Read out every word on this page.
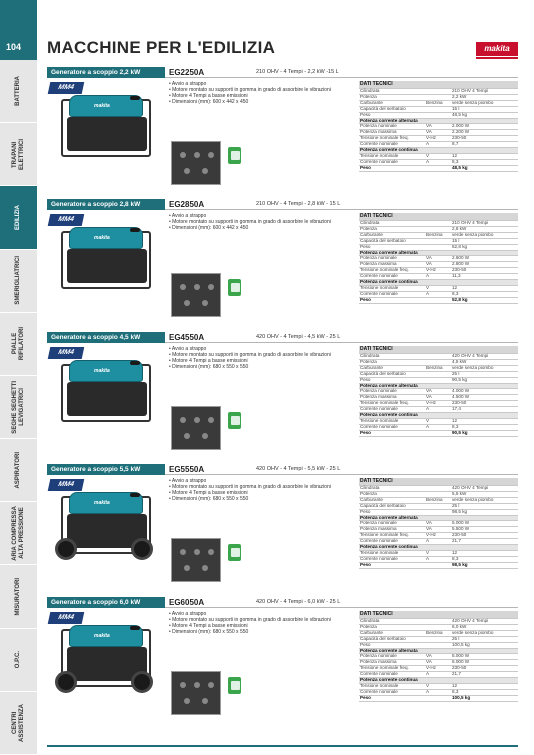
104	MACCHINE PER L'EDILIZIA	makita
BATTERIA
TRAPANI
ELETTRICI
EDILIZIA
SMERIGLIATRICI
PIALLE
RIFILATORI
SEGHE SEGHETTI
LEVIGATRICI
ASPIRATORI
ARIA COMPRESSA
ALTA PRESSIONE
MISURATORI
O.P.C.
CENTRI
ASSISTENZA
Generatore a scoppio 2,2 kW	EG2250A	210 OHV - 4 Tempi - 2,2 kW -15 L
MM4
makita
• Avvio a strappo
• Motore montato su supporti in gomma in grado di assorbire le vibrazioni
• Motore 4 Tempi a basse emissioni
• Dimensioni (mm): 600 x 442 x 450
DATI TECNICI		
Cilindrata		210 OHV 4 Tempi
Potenza		2,2 kW
Carburante	Benzina	verde senza piombo
Capacità del serbatoio		15 l
Peso		48,5 kg
Potenza corrente alternata		
Potenza nominale	VA	2.000 W
Potenza massima	VA	2.200 W
Tensione nominale freq.	V-Hz	230-50
Corrente nominale	A	8,7
Potenza corrente continua		
Tensione nominale	V	12
Corrente nominale	A	8,3
Peso		48,5 kg
Generatore a scoppio 2,8 kW	EG2850A	210 OHV - 4 Tempi - 2,8 kW - 15 L
MM4
makita
• Avvio a strappo
• Motore montato su supporti in gomma in grado di assorbire le vibrazioni
• Dimensioni (mm): 600 x 442 x 450
DATI TECNICI		
Cilindrata		210 OHV 4 Tempi
Potenza		2,8 kW
Carburante	Benzina	verde senza piombo
Capacità del serbatoio		15 l
Peso		52,8 kg
Potenza corrente alternata		
Potenza nominale	VA	2.600 W
Potenza massima	VA	2.800 W
Tensione nominale freq.	V-Hz	230-50
Corrente nominale	A	11,3
Potenza corrente continua		
Tensione nominale	V	12
Corrente nominale	A	8,3
Peso		52,8 kg
Generatore a scoppio 4,5 kW	EG4550A	420 OHV - 4 Tempi - 4,5 kW - 25 L
MM4
makita
• Avvio a strappo
• Motore montato su supporti in gomma in grado di assorbire le vibrazioni
• Motore 4 Tempi a basse emissioni
• Dimensioni (mm): 680 x 550 x 550
DATI TECNICI		
Cilindrata		420 OHV 4 Tempi
Potenza		4,5 kW
Carburante	Benzina	verde senza piombo
Capacità del serbatoio		25 l
Peso		90,5 kg
Potenza corrente alternata		
Potenza nominale	VA	4.000 W
Potenza massima	VA	4.500 W
Tensione nominale freq.	V-Hz	230-50
Corrente nominale	A	17,4
Potenza corrente continua		
Tensione nominale	V	12
Corrente nominale	A	8,3
Peso		90,5 kg
Generatore a scoppio 5,5 kW	EG5550A	420 OHV - 4 Tempi - 5,5 kW - 25 L
MM4
makita
• Avvio a strappo
• Motore montato su supporti in gomma in grado di assorbire le vibrazioni
• Motore 4 Tempi a basse emissioni
• Dimensioni (mm): 680 x 550 x 550
DATI TECNICI		
Cilindrata		420 OHV 4 Tempi
Potenza		5,5 kW
Carburante	Benzina	verde senza piombo
Capacità del serbatoio		25 l
Peso		98,5 kg
Potenza corrente alternata		
Potenza nominale	VA	5.000 W
Potenza massima	VA	5.500 W
Tensione nominale freq.	V-Hz	230-50
Corrente nominale	A	21,7
Potenza corrente continua		
Tensione nominale	V	12
Corrente nominale	A	8,3
Peso		98,5 kg
Generatore a scoppio 6,0 kW	EG6050A	420 OHV - 4 Tempi - 6,0 kW - 25 L
MM4
makita
• Avvio a strappo
• Motore montato su supporti in gomma in grado di assorbire le vibrazioni
• Motore 4 Tempi a basse emissioni
• Dimensioni (mm): 680 x 550 x 550
DATI TECNICI		
Cilindrata		420 OHV 4 Tempi
Potenza		6,0 kW
Carburante	Benzina	verde senza piombo
Capacità del serbatoio		25 l
Peso		100,5 kg
Potenza corrente alternata		
Potenza nominale	VA	5.000 W
Potenza massima	VA	6.000 W
Tensione nominale freq.	V-Hz	230-50
Corrente nominale	A	21,7
Potenza corrente continua		
Tensione nominale	V	12
Corrente nominale	A	8,3
Peso		100,5 kg
